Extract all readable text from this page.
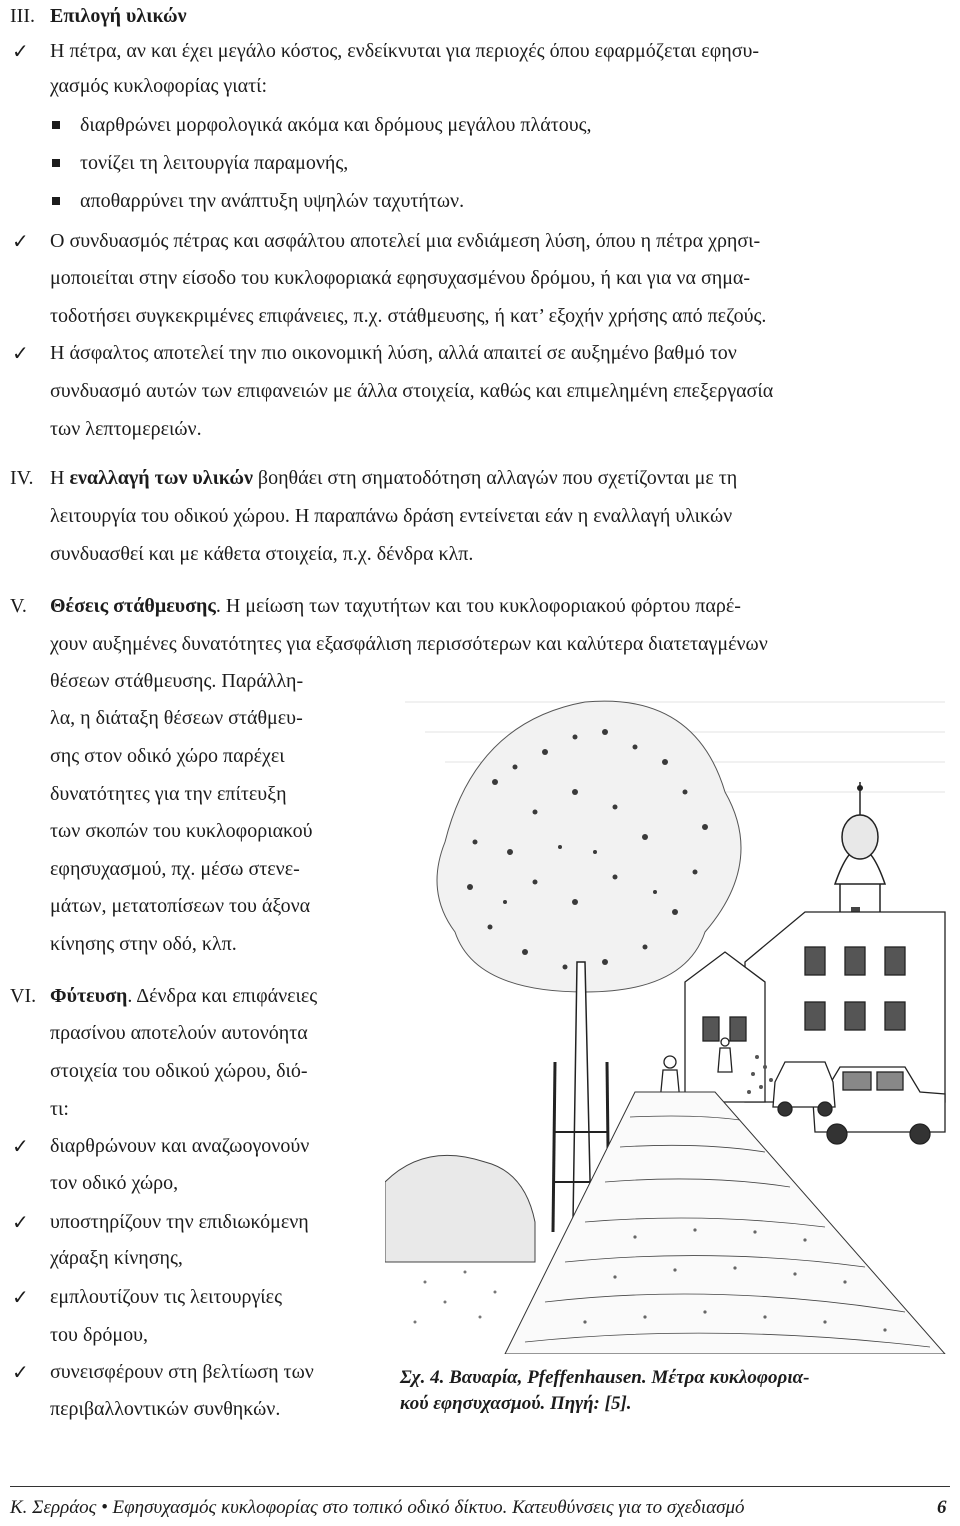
III. Επιλογή υλικών
✓ Η πέτρα, αν και έχει μεγάλο κόστος, ενδείκνυται για περιοχές όπου εφαρμόζεται εφησυ-
χασμός κυκλοφορίας γιατί:
διαρθρώνει μορφολογικά ακόμα και δρόμους μεγάλου πλάτους,
τονίζει τη λειτουργία παραμονής,
αποθαρρύνει την ανάπτυξη υψηλών ταχυτήτων.
✓ Ο συνδυασμός πέτρας και ασφάλτου αποτελεί μια ενδιάμεση λύση, όπου η πέτρα χρησι-
μοποιείται στην είσοδο του κυκλοφοριακά εφησυχασμένου δρόμου, ή και για να σημα-
τοδοτήσει συγκεκριμένες επιφάνειες, π.χ. στάθμευσης, ή κατ’ εξοχήν χρήσης από πεζούς.
✓ Η άσφαλτος αποτελεί την πιο οικονομική λύση, αλλά απαιτεί σε αυξημένο βαθμό τον
συνδυασμό αυτών των επιφανειών με άλλα στοιχεία, καθώς και επιμελημένη επεξεργασία
των λεπτομερειών.
IV. Η εναλλαγή των υλικών βοηθάει στη σηματοδότηση αλλαγών που σχετίζονται με τη
λειτουργία του οδικού χώρου. Η παραπάνω δράση εντείνεται εάν η εναλλαγή υλικών
συνδυασθεί και με κάθετα στοιχεία, π.χ. δένδρα κλπ.
V. Θέσεις στάθμευσης. Η μείωση των ταχυτήτων και του κυκλοφοριακού φόρτου παρέ-
χουν αυξημένες δυνατότητες για εξασφάλιση περισσότερων και καλύτερα διατεταγμένων
θέσεων στάθμευσης. Παράλλη-
λα, η διάταξη θέσεων στάθμευ-
σης στον οδικό χώρο παρέχει
δυνατότητες για την επίτευξη
των σκοπών του κυκλοφοριακού
εφησυχασμού, πχ. μέσω στενε-
μάτων, μετατοπίσεων του άξονα
κίνησης στην οδό, κλπ.
VI. Φύτευση. Δένδρα και επιφάνειες
πρασίνου αποτελούν αυτονόητα
στοιχεία του οδικού χώρου, διό-
τι:
✓ διαρθρώνουν και αναζωογονούν
τον οδικό χώρο,
✓ υποστηρίζουν την επιδιωκόμενη
χάραξη κίνησης,
✓ εμπλουτίζουν τις λειτουργίες
του δρόμου,
✓ συνεισφέρουν στη βελτίωση των
περιβαλλοντικών συνθηκών.
Σχ. 4. Βαυαρία, Pfeffenhausen. Μέτρα κυκλοφορια-
κού εφησυχασμού. Πηγή: [5].
Κ. Σερράος • Εφησυχασμός κυκλοφορίας στο τοπικό οδικό δίκτυο. Κατευθύνσεις για το σχεδιασμό	6
